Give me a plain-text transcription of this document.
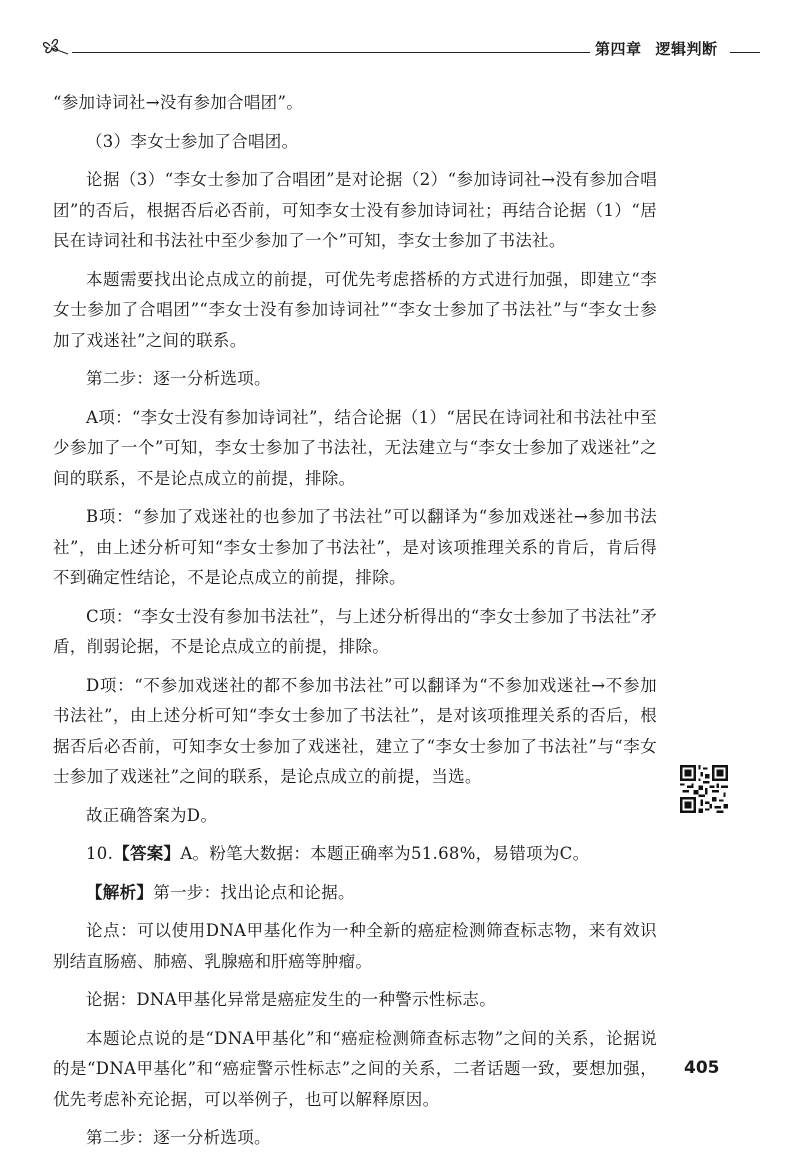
第四章 逻辑判断

“参加诗词社→没有参加合唱团”。

（3）李女士参加了合唱团。

论据（3）“李女士参加了合唱团”是对论据（2）“参加诗词社→没有参加合唱团”的否后，根据否后必否前，可知李女士没有参加诗词社；再结合论据（1）“居民在诗词社和书法社中至少参加了一个”可知，李女士参加了书法社。

本题需要找出论点成立的前提，可优先考虑搭桥的方式进行加强，即建立“李女士参加了合唱团”“李女士没有参加诗词社”“李女士参加了书法社”与“李女士参加了戏迷社”之间的联系。

第二步：逐一分析选项。

A项：“李女士没有参加诗词社”，结合论据（1）“居民在诗词社和书法社中至少参加了一个”可知，李女士参加了书法社，无法建立与“李女士参加了戏迷社”之间的联系，不是论点成立的前提，排除。

B项：“参加了戏迷社的也参加了书法社”可以翻译为“参加戏迷社→参加书法社”，由上述分析可知“李女士参加了书法社”，是对该项推理关系的肯后，肯后得不到确定性结论，不是论点成立的前提，排除。

C项：“李女士没有参加书法社”，与上述分析得出的“李女士参加了书法社”矛盾，削弱论据，不是论点成立的前提，排除。

D项：“不参加戏迷社的都不参加书法社”可以翻译为“不参加戏迷社→不参加书法社”，由上述分析可知“李女士参加了书法社”，是对该项推理关系的否后，根据否后必否前，可知李女士参加了戏迷社，建立了“李女士参加了书法社”与“李女士参加了戏迷社”之间的联系，是论点成立的前提，当选。

故正确答案为D。

10.【答案】A。粉笔大数据：本题正确率为51.68%，易错项为C。

【解析】第一步：找出论点和论据。

论点：可以使用DNA甲基化作为一种全新的癌症检测筛查标志物，来有效识别结直肠癌、肺癌、乳腺癌和肝癌等肿瘤。

论据：DNA甲基化异常是癌症发生的一种警示性标志。

本题论点说的是“DNA甲基化”和“癌症检测筛查标志物”之间的关系，论据说的是“DNA甲基化”和“癌症警示性标志”之间的关系，二者话题一致，要想加强，优先考虑补充论据，可以举例子，也可以解释原因。

第二步：逐一分析选项。

405
